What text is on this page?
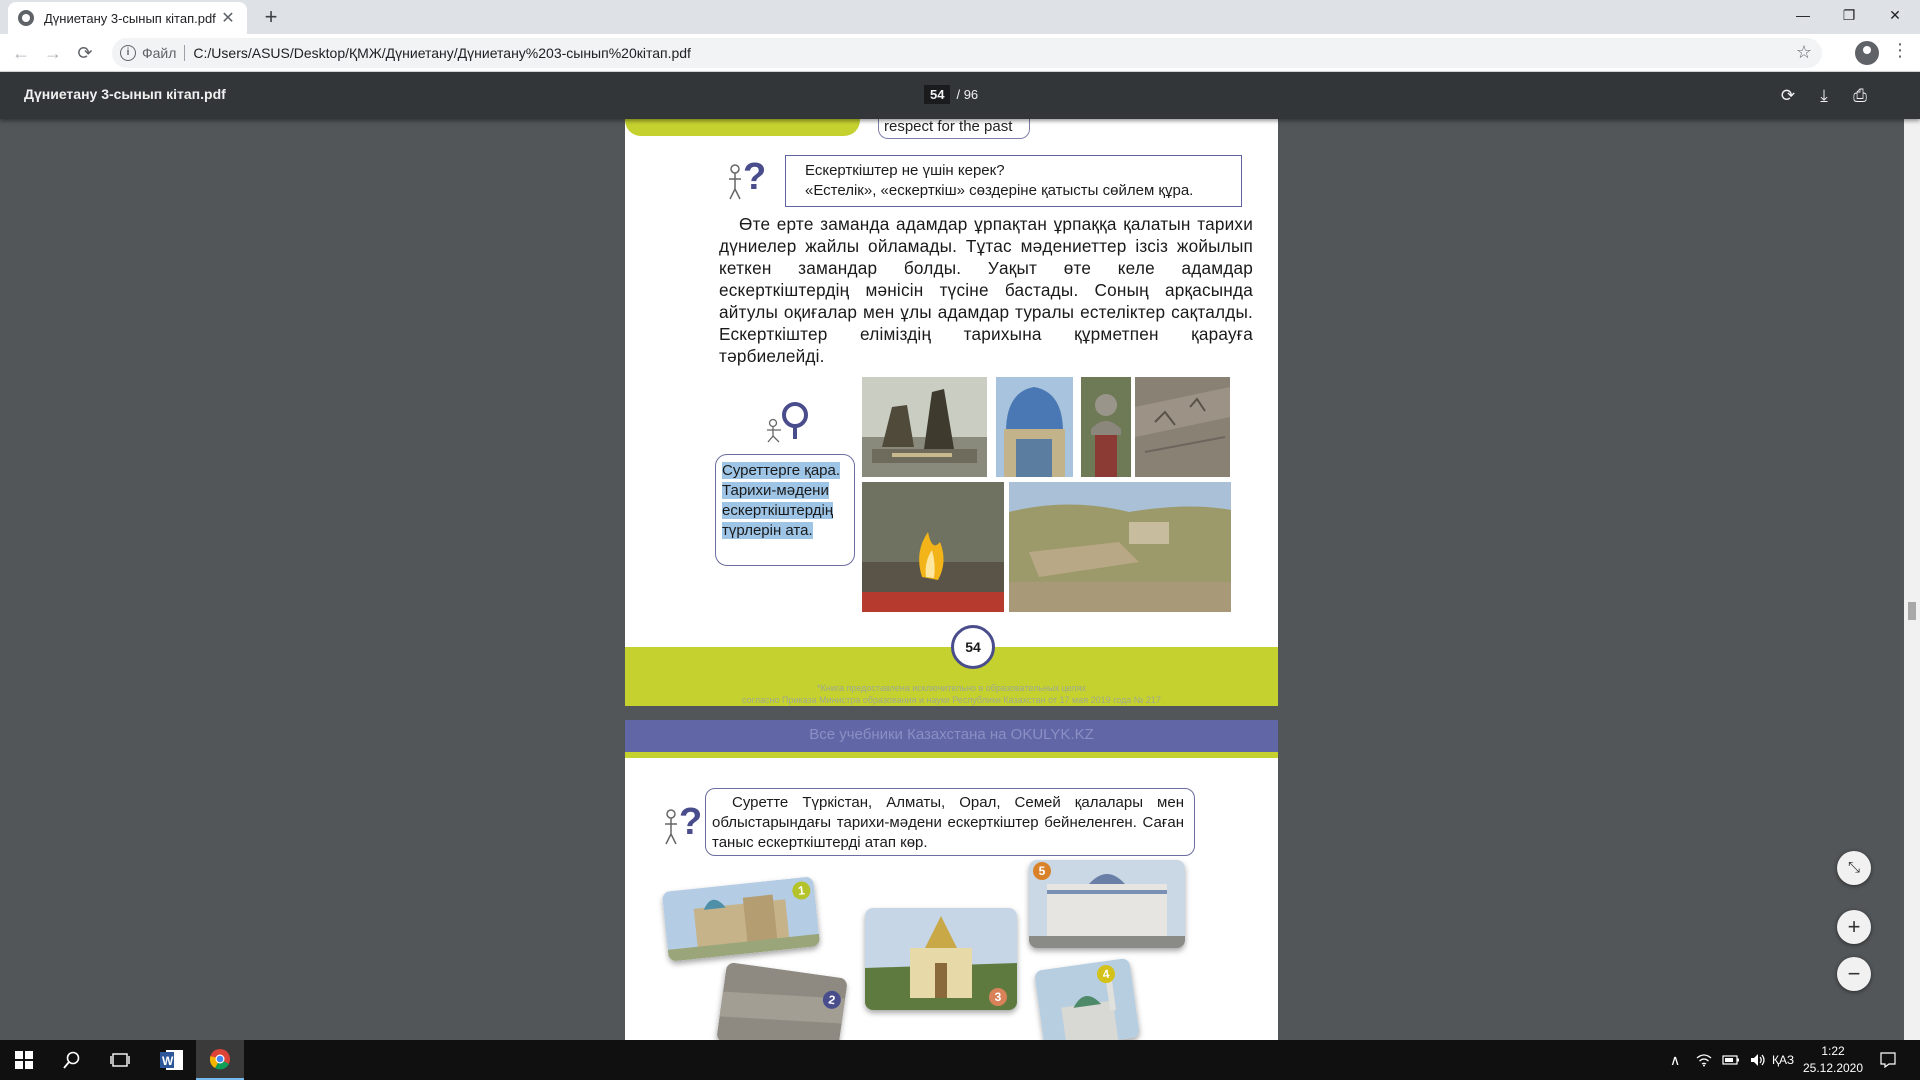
Дүниетану 3-сынып кітап.pdf ✕ +	—	❐	✕
← → ⟳	i Файл C:/Users/ASUS/Desktop/ҚМЖ/Дүниетану/Дүниетану%203-сынып%20кітап.pdf	☆	⋮
Дүниетану 3-сынып кітап.pdf	54 / 96	⟳	⤓	⎙
respect for the past
?	Ескерткіштер не үшін керек?
«Естелік», «ескерткіш» сөздеріне қатысты сөйлем құра.
Өте ерте заманда адамдар ұрпақтан ұрпаққа қалатын тарихи дүниелер жайлы ойламады. Тұтас мәдениеттер ізсіз жойылып кеткен замандар болды. Уақыт өте келе адамдар ескерткіштердің мәнісін түсіне бастады. Соның арқасында айтулы оқиғалар мен ұлы адамдар туралы естеліктер сақталды. Ескерткіштер еліміздің тарихына құрметпен қарауға тәрбиелейді.
Суреттерге қара. Тарихи-мәдени ескерткіштердің түрлерін ата.
54
*Книга предоставлена исключительно в образовательных целях
согласно Приказа Министра образования и науки Республики Казахстан от 17 мая 2019 года № 217
Все учебники Казахстана на OKULYK.KZ
?	Суретте Түркістан, Алматы, Орал, Семей қалалары мен облыстарындағы тарихи-мәдени ескерткіштер бейнеленген. Саған таныс ескерткіштерді атап көр.
1
2	3
5
4
⤡
+
−
W	∧	ҚАЗ
1:22
25.12.2020
